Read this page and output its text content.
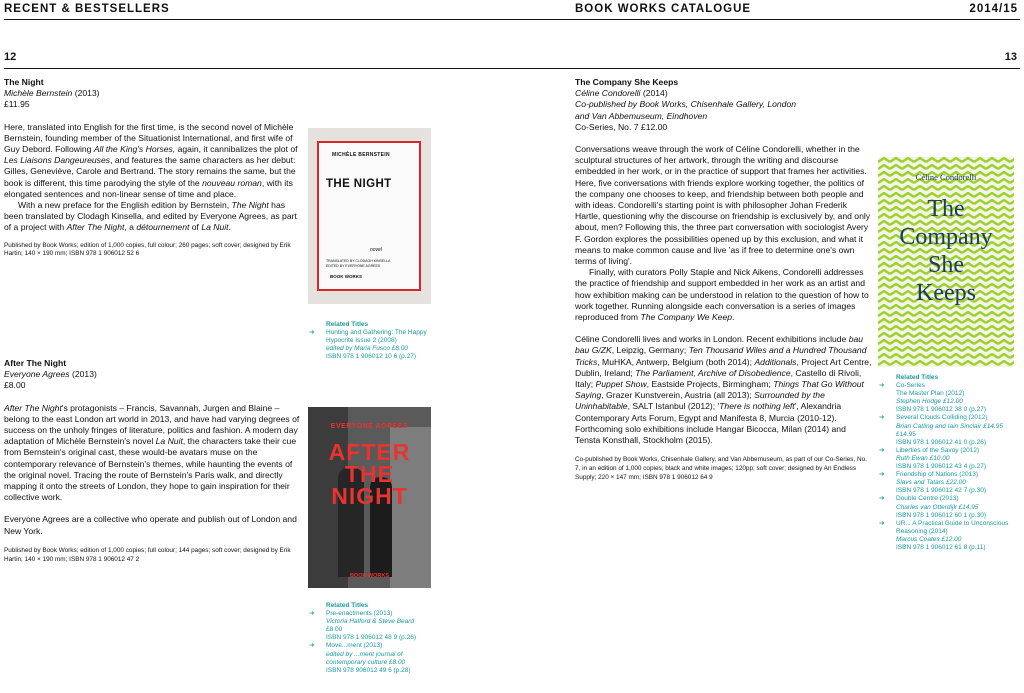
RECENT & BESTSELLERS	BOOK WORKS CATALOGUE	2014/15
12	13
The Night
Michèle Bernstein (2013)
£11.95

Here, translated into English for the first time, is the second novel of Michèle Bernstein, founding member of the Situationist International, and first wife of Guy Debord. Following All the King's Horses, again, it cannibalizes the plot of Les Liaisons Dangeureuses, and features the same characters as her debut: Gilles, Geneviève, Carole and Bertrand. The story remains the same, but the book is different, this time parodying the style of the nouveau roman, with its elongated sentences and non-linear sense of time and place.

With a new preface for the English edition by Bernstein, The Night has been translated by Clodagh Kinsella, and edited by Everyone Agrees, as part of a project with After The Night, a détournement of La Nuit.

Published by Book Works; edition of 1,000 copies, full colour; 260 pages; soft cover; designed by Erik Hartin; 140 × 190 mm; ISBN 978 1 906012 52 6

MICHÈLE BERNSTEIN
THE NIGHT
novel
TRANSLATED BY CLODAGH KINSELLA
EDITED BY EVERYONE AGREES
BOOK WORKS
Related Titles
➔ Hunting and Gathering: The Happy Hypocrite Issue 2 (2008)
edited by Maria Fusco £8.00
ISBN 978 1 906012 10 6 (p.27)
After The Night
Everyone Agrees (2013)
£8.00

After The Night's protagonists – Francis, Savannah, Jurgen and Blaine – belong to the east London art world in 2013, and have had varying degrees of success on the unholy fringes of literature, politics and fashion. A modern day adaptation of Michèle Bernstein's novel La Nuit, the characters take their cue from Bernstein's original cast, these would-be avatars muse on the contemporary relevance of Bernstein's themes, while haunting the events of the original novel. Tracing the route of Bernstein's Paris walk, and directly mapping it onto the streets of London, they hope to gain inspiration for their collective work.

Everyone Agrees are a collective who operate and publish out of London and New York.

Published by Book Works; edition of 1,000 copies; full colour; 144 pages; soft cover; designed by Erik Hartin; 140 × 190 mm; ISBN 978 1 906012 47 2

EVERYONE AGREES
AFTER
THE
NIGHT
BOOK WORKS
Related Titles
➔ Pre-enactments (2013)
Victoria Halford & Steve Beard
£8.00
ISBN 978 1 906012 48 9 (p.26)
➔ Move...ment (2013)
edited by ...ment journal of contemporary culture £8.00
ISBN 978 906012 49 6 (p.28)
The Company She Keeps
Céline Condorelli (2014)
Co-published by Book Works, Chisenhale Gallery, London
and Van Abbemuseum, Eindhoven
Co-Series, No. 7 £12.00

Conversations weave through the work of Céline Condorelli, whether in the sculptural structures of her artwork, through the writing and discourse embedded in her work, or in the practice of support that frames her activities. Here, five conversations with friends explore working together, the politics of the company one chooses to keep, and friendship between both people and with ideas. Condorelli's starting point is with philosopher Johan Frederik Hartle, questioning why the discourse on friendship is exclusively by, and only about, men? Following this, the three part conversation with sociologist Avery F. Gordon explores the possibilities opened up by this exclusion, and what it means to make common cause and live 'as if free to determine one's own terms of living'.

Finally, with curators Polly Staple and Nick Aikens, Condorelli addresses the practice of friendship and support embedded in her work as an artist and how exhibition making can be understood in relation to the question of how to work together. Running alongside each conversation is a series of images reproduced from The Company We Keep.

Céline Condorelli lives and works in London. Recent exhibitions include bau bau G/ZK, Leipzig, Germany; Ten Thousand Wiles and a Hundred Thousand Tricks, MuHKA, Antwerp, Belgium (both 2014); Additionals, Project Art Centre, Dublin, Ireland; The Parliament, Archive of Disobedience, Castello di Rivoli, Italy; Puppet Show, Eastside Projects, Birmingham; Things That Go Without Saying, Grazer Kunstverein, Austria (all 2013); Surrounded by the Uninhabitable, SALT Istanbul (2012); 'There is nothing left', Alexandria Contemporary Arts Forum, Egypt and Manifesta 8, Murcia (2010-12). Forthcoming solo exhibitions include Hangar Bicocca, Milan (2014) and Tensta Konsthall, Stockholm (2015).

Co-published by Book Works, Chisenhale Gallery, and Van Abbemuseum, as part of our Co-Series, No. 7, in an edition of 1,000 copies; black and white images; 120pp; soft cover; designed by An Endless Supply; 220 × 147 mm; ISBN 978 1 906012 64 9

Céline Condorelli
The
Company
She
Keeps
Related Titles
➔ Co-Series
The Master Plan (2012)
Stephen Hodge £12.00
ISBN 978 1 906012 38 0 (p.27)
➔ Several Clouds Colliding (2012)
Brian Catling and Iain Sinclair £14.95
£14.95
ISBN 978 1 906012 41 0 (p.26)
➔ Liberties of the Savoy (2012)
Ruth Ewan £10.00
ISBN 978 1 906012 43 4 (p.27)
➔ Friendship of Nations (2013)
Slavs and Tatars £22.00
ISBN 978 1 906012 42 7 (p.30)
➔ Double Centre (2013)
Charles van Otterdijk £14.95
ISBN 978 1 906012 60 1 (p.30)
➔ UR... A Practical Guide to Unconscious Reasoning (2014)
Marcus Coates £12.00
ISBN 978 1 906012 61 8 (p.11)
